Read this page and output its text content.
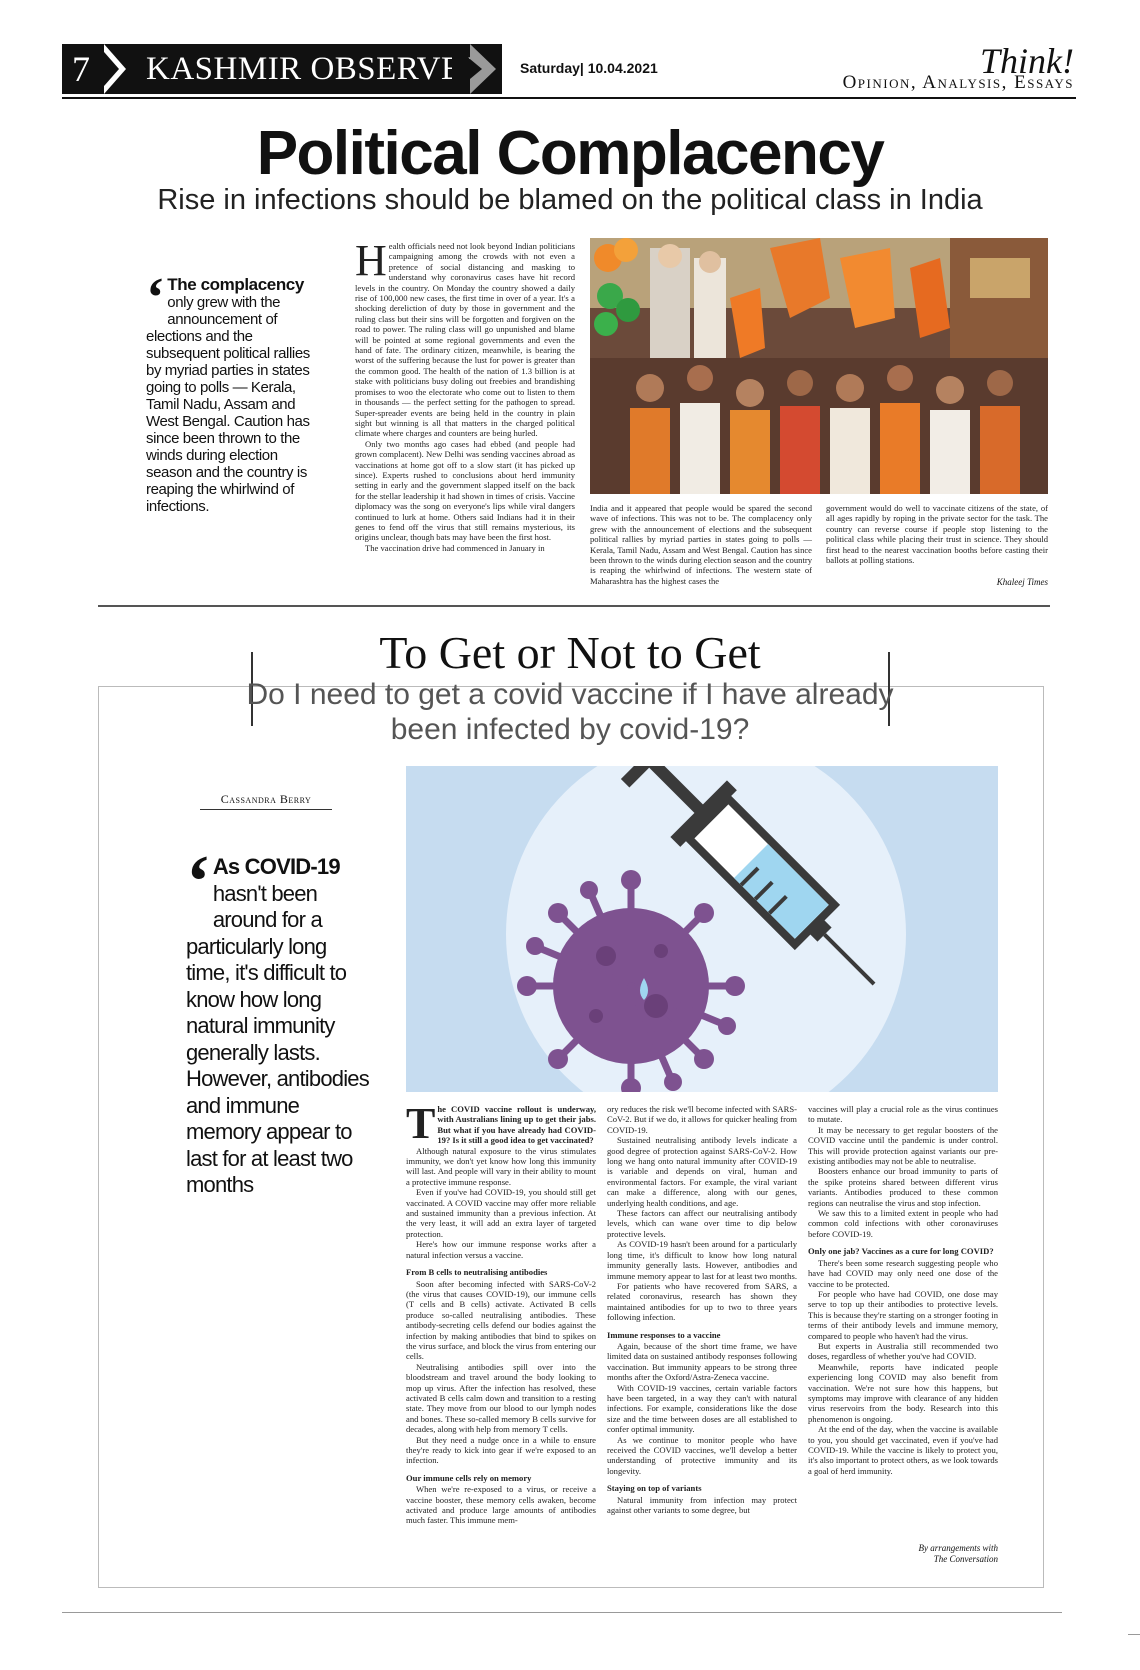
7	KASHMIR OBSERVER	Saturday| 10.04.2021	Think!
Opinion, Analysis, Essays
Political Complacency
Rise in infections should be blamed on the political class in India
‘ The complacency only grew with the announcement of elections and the subsequent political rallies by myriad parties in states going to polls — Kerala, Tamil Nadu, Assam and West Bengal. Caution has since been thrown to the winds during election season and the country is reaping the whirlwind of infections.

Health officials need not look beyond Indian politicians campaigning among the crowds with not even a pretence of social distancing and masking to understand why coronavirus cases have hit record levels in the country. On Monday the country showed a daily rise of 100,000 new cases, the first time in over of a year. It's a shocking dereliction of duty by those in government and the ruling class but their sins will be forgotten and forgiven on the road to power. The ruling class will go unpunished and blame will be pointed at some regional governments and even the hand of fate. The ordinary citizen, meanwhile, is bearing the worst of the suffering because the lust for power is greater than the common good. The health of the nation of 1.3 billion is at stake with politicians busy doling out freebies and brandishing promises to woo the electorate who come out to listen to them in thousands — the perfect setting for the pathogen to spread. Super-spreader events are being held in the country in plain sight but winning is all that matters in the charged political climate where charges and counters are being hurled.

Only two months ago cases had ebbed (and people had grown complacent). New Delhi was sending vaccines abroad as vaccinations at home got off to a slow start (it has picked up since). Experts rushed to conclusions about herd immunity setting in early and the government slapped itself on the back for the stellar leadership it had shown in times of crisis. Vaccine diplomacy was the song on everyone's lips while viral dangers continued to lurk at home. Others said Indians had it in their genes to fend off the virus that still remains mysterious, its origins unclear, though bats may have been the first host.

The vaccination drive had commenced in January in

India and it appeared that people would be spared the second wave of infections. This was not to be. The complacency only grew with the announcement of elections and the subsequent political rallies by myriad parties in states going to polls — Kerala, Tamil Nadu, Assam and West Bengal. Caution has since been thrown to the winds during election season and the country is reaping the whirlwind of infections. The western state of Maharashtra has the highest cases the

government would do well to vaccinate citizens of the state, of all ages rapidly by roping in the private sector for the task. The country can reverse course if people stop listening to the political class while placing their trust in science. They should first head to the nearest vaccination booths before casting their ballots at polling stations.

Khaleej Times
To Get or Not to Get
Do I need to get a covid vaccine if I have already been infected by covid-19?
Cassandra Berry
‘ As COVID-19 hasn't been around for a particularly long time, it's difficult to know how long natural immunity generally lasts. However, antibodies and immune memory appear to last for at least two months

The COVID vaccine rollout is underway, with Australians lining up to get their jabs. But what if you have already had COVID-19? Is it still a good idea to get vaccinated?

Although natural exposure to the virus stimulates immunity, we don't yet know how long this immunity will last. And people will vary in their ability to mount a protective immune response.

Even if you've had COVID-19, you should still get vaccinated. A COVID vaccine may offer more reliable and sustained immunity than a previous infection. At the very least, it will add an extra layer of targeted protection.

Here's how our immune response works after a natural infection versus a vaccine.

From B cells to neutralising antibodies

Soon after becoming infected with SARS-CoV-2 (the virus that causes COVID-19), our immune cells (T cells and B cells) activate. Activated B cells produce so-called neutralising antibodies. These antibody-secreting cells defend our bodies against the infection by making antibodies that bind to spikes on the virus surface, and block the virus from entering our cells.

Neutralising antibodies spill over into the bloodstream and travel around the body looking to mop up virus. After the infection has resolved, these activated B cells calm down and transition to a resting state. They move from our blood to our lymph nodes and bones. These so-called memory B cells survive for decades, along with help from memory T cells.

But they need a nudge once in a while to ensure they're ready to kick into gear if we're exposed to an infection.

Our immune cells rely on memory

When we're re-exposed to a virus, or receive a vaccine booster, these memory cells awaken, become activated and produce large amounts of antibodies much faster. This immune mem-

ory reduces the risk we'll become infected with SARS-CoV-2. But if we do, it allows for quicker healing from COVID-19.

Sustained neutralising antibody levels indicate a good degree of protection against SARS-CoV-2. How long we hang onto natural immunity after COVID-19 is variable and depends on viral, human and environmental factors. For example, the viral variant can make a difference, along with our genes, underlying health conditions, and age.

These factors can affect our neutralising antibody levels, which can wane over time to dip below protective levels.

As COVID-19 hasn't been around for a particularly long time, it's difficult to know how long natural immunity generally lasts. However, antibodies and immune memory appear to last for at least two months.

For patients who have recovered from SARS, a related coronavirus, research has shown they maintained antibodies for up to two to three years following infection.

Immune responses to a vaccine

Again, because of the short time frame, we have limited data on sustained antibody responses following vaccination. But immunity appears to be strong three months after the Oxford/Astra-Zeneca vaccine.

With COVID-19 vaccines, certain variable factors have been targeted, in a way they can't with natural infections. For example, considerations like the dose size and the time between doses are all established to confer optimal immunity.

As we continue to monitor people who have received the COVID vaccines, we'll develop a better understanding of protective immunity and its longevity.

Staying on top of variants

Natural immunity from infection may protect against other variants to some degree, but

vaccines will play a crucial role as the virus continues to mutate.

It may be necessary to get regular boosters of the COVID vaccine until the pandemic is under control. This will provide protection against variants our pre-existing antibodies may not be able to neutralise.

Boosters enhance our broad immunity to parts of the spike proteins shared between different virus variants. Antibodies produced to these common regions can neutralise the virus and stop infection.

We saw this to a limited extent in people who had common cold infections with other coronaviruses before COVID-19.

Only one jab? Vaccines as a cure for long COVID?

There's been some research suggesting people who have had COVID may only need one dose of the vaccine to be protected.

For people who have had COVID, one dose may serve to top up their antibodies to protective levels. This is because they're starting on a stronger footing in terms of their antibody levels and immune memory, compared to people who haven't had the virus.

But experts in Australia still recommended two doses, regardless of whether you've had COVID.

Meanwhile, reports have indicated people experiencing long COVID may also benefit from vaccination. We're not sure how this happens, but symptoms may improve with clearance of any hidden virus reservoirs from the body. Research into this phenomenon is ongoing.

At the end of the day, when the vaccine is available to you, you should get vaccinated, even if you've had COVID-19. While the vaccine is likely to protect you, it's also important to protect others, as we look towards a goal of herd immunity.

By arrangements with
The Conversation
